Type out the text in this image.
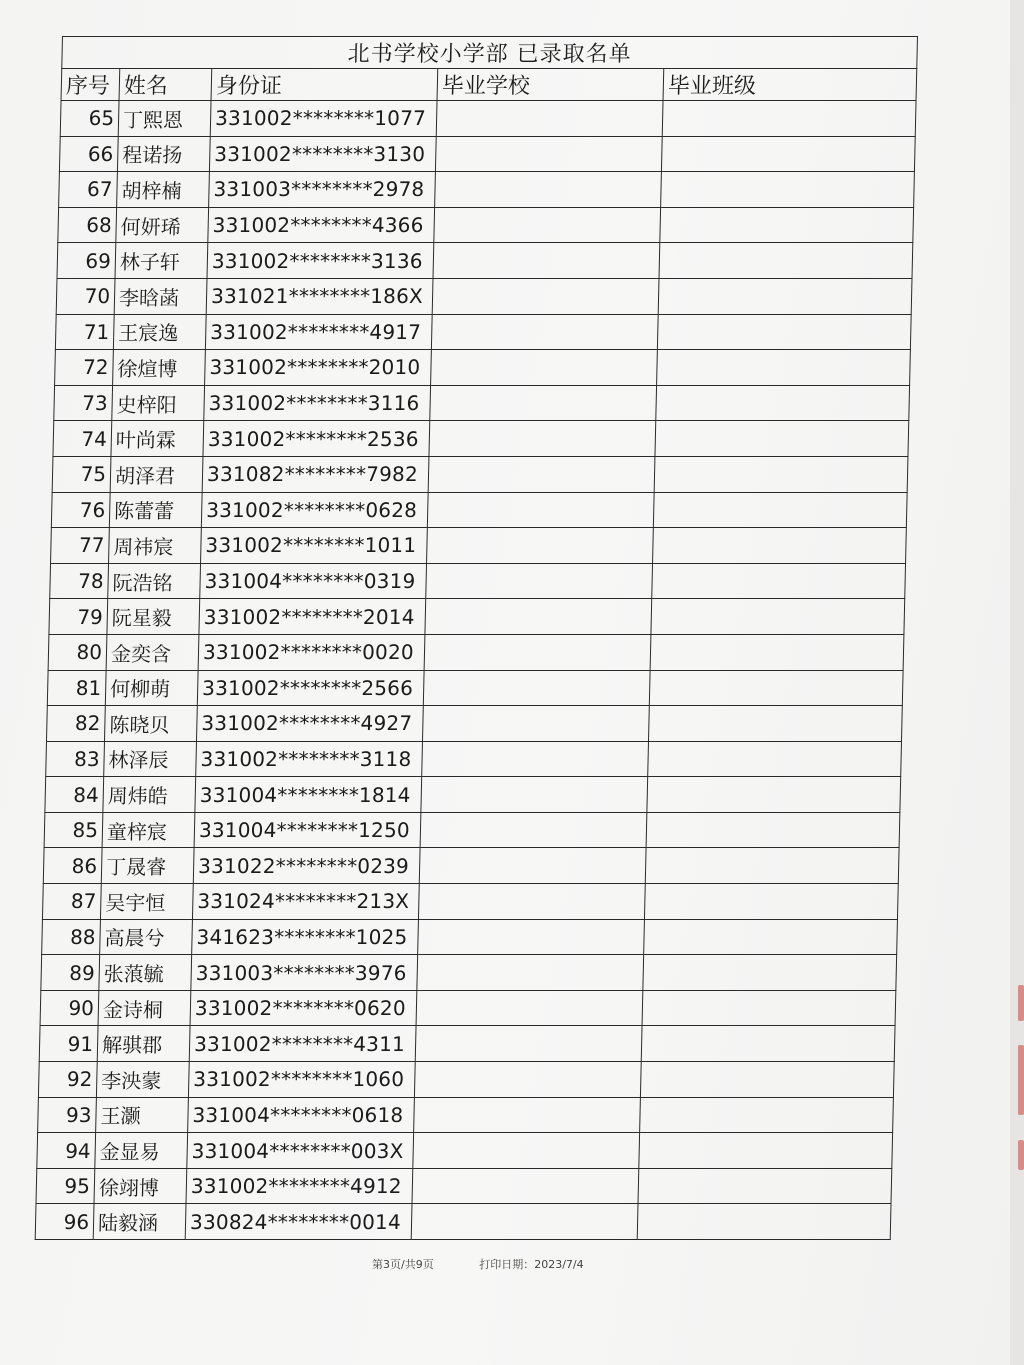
北书学校小学部 已录取名单				
序号	姓名	身份证	毕业学校	毕业班级
65	丁熙恩	331002********1077		
66	程诺扬	331002********3130		
67	胡梓楠	331003********2978		
68	何妍琋	331002********4366		
69	林子轩	331002********3136		
70	李晗菡	331021********186X		
71	王宸逸	331002********4917		
72	徐煊博	331002********2010		
73	史梓阳	331002********3116		
74	叶尚霖	331002********2536		
75	胡泽君	331082********7982		
76	陈蕾蕾	331002********0628		
77	周祎宸	331002********1011		
78	阮浩铭	331004********0319		
79	阮星毅	331002********2014		
80	金奕含	331002********0020		
81	何柳萌	331002********2566		
82	陈晓贝	331002********4927		
83	林泽辰	331002********3118		
84	周炜皓	331004********1814		
85	童梓宸	331004********1250		
86	丁晟睿	331022********0239		
87	吴宇恒	331024********213X		
88	高晨兮	341623********1025		
89	张蒗毓	331003********3976		
90	金诗桐	331002********0620		
91	解骐郡	331002********4311		
92	李泱蒙	331002********1060		
93	王灏	331004********0618		
94	金显易	331004********003X		
95	徐翊博	331002********4912		
96	陆毅涵	330824********0014		
第3页/共9页	打印日期：2023/7/4
